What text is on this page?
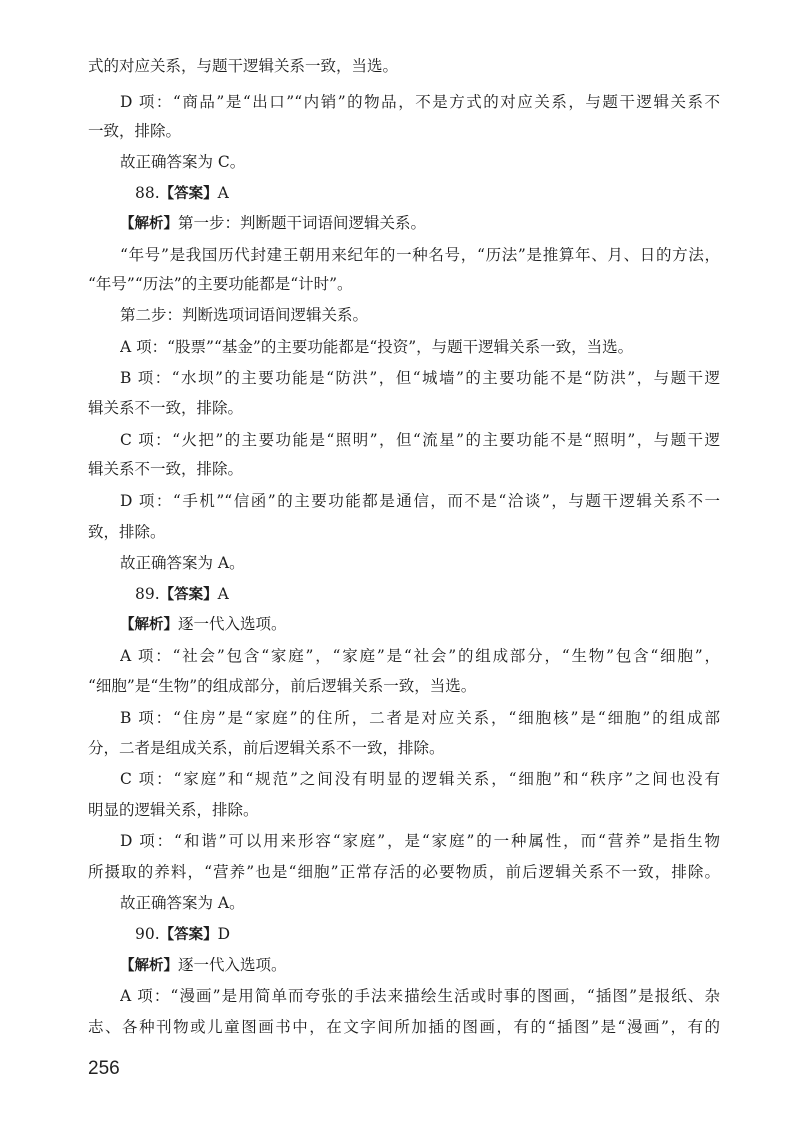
式的对应关系，与题干逻辑关系一致，当选。
D 项：“商品”是“出口”“内销”的物品，不是方式的对应关系，与题干逻辑关系不
一致，排除。
故正确答案为 C。
88.【答案】A
【解析】第一步：判断题干词语间逻辑关系。
“年号”是我国历代封建王朝用来纪年的一种名号，“历法”是推算年、月、日的方法，
“年号”“历法”的主要功能都是“计时”。
第二步：判断选项词语间逻辑关系。
A 项：“股票”“基金”的主要功能都是“投资”，与题干逻辑关系一致，当选。
B 项：“水坝”的主要功能是“防洪”，但“城墙”的主要功能不是“防洪”，与题干逻
辑关系不一致，排除。
C 项：“火把”的主要功能是“照明”，但“流星”的主要功能不是“照明”，与题干逻
辑关系不一致，排除。
D 项：“手机”“信函”的主要功能都是通信，而不是“洽谈”，与题干逻辑关系不一
致，排除。
故正确答案为 A。
89.【答案】A
【解析】逐一代入选项。
A 项：“社会”包含“家庭”，“家庭”是“社会”的组成部分，“生物”包含“细胞”，
“细胞”是“生物”的组成部分，前后逻辑关系一致，当选。
B 项：“住房”是“家庭”的住所，二者是对应关系，“细胞核”是“细胞”的组成部
分，二者是组成关系，前后逻辑关系不一致，排除。
C 项：“家庭”和“规范”之间没有明显的逻辑关系，“细胞”和“秩序”之间也没有
明显的逻辑关系，排除。
D 项：“和谐”可以用来形容“家庭”，是“家庭”的一种属性，而“营养”是指生物
所摄取的养料，“营养”也是“细胞”正常存活的必要物质，前后逻辑关系不一致，排除。
故正确答案为 A。
90.【答案】D
【解析】逐一代入选项。
A 项：“漫画”是用简单而夸张的手法来描绘生活或时事的图画，“插图”是报纸、杂
志、各种刊物或儿童图画书中，在文字间所加插的图画，有的“插图”是“漫画”，有的
256
